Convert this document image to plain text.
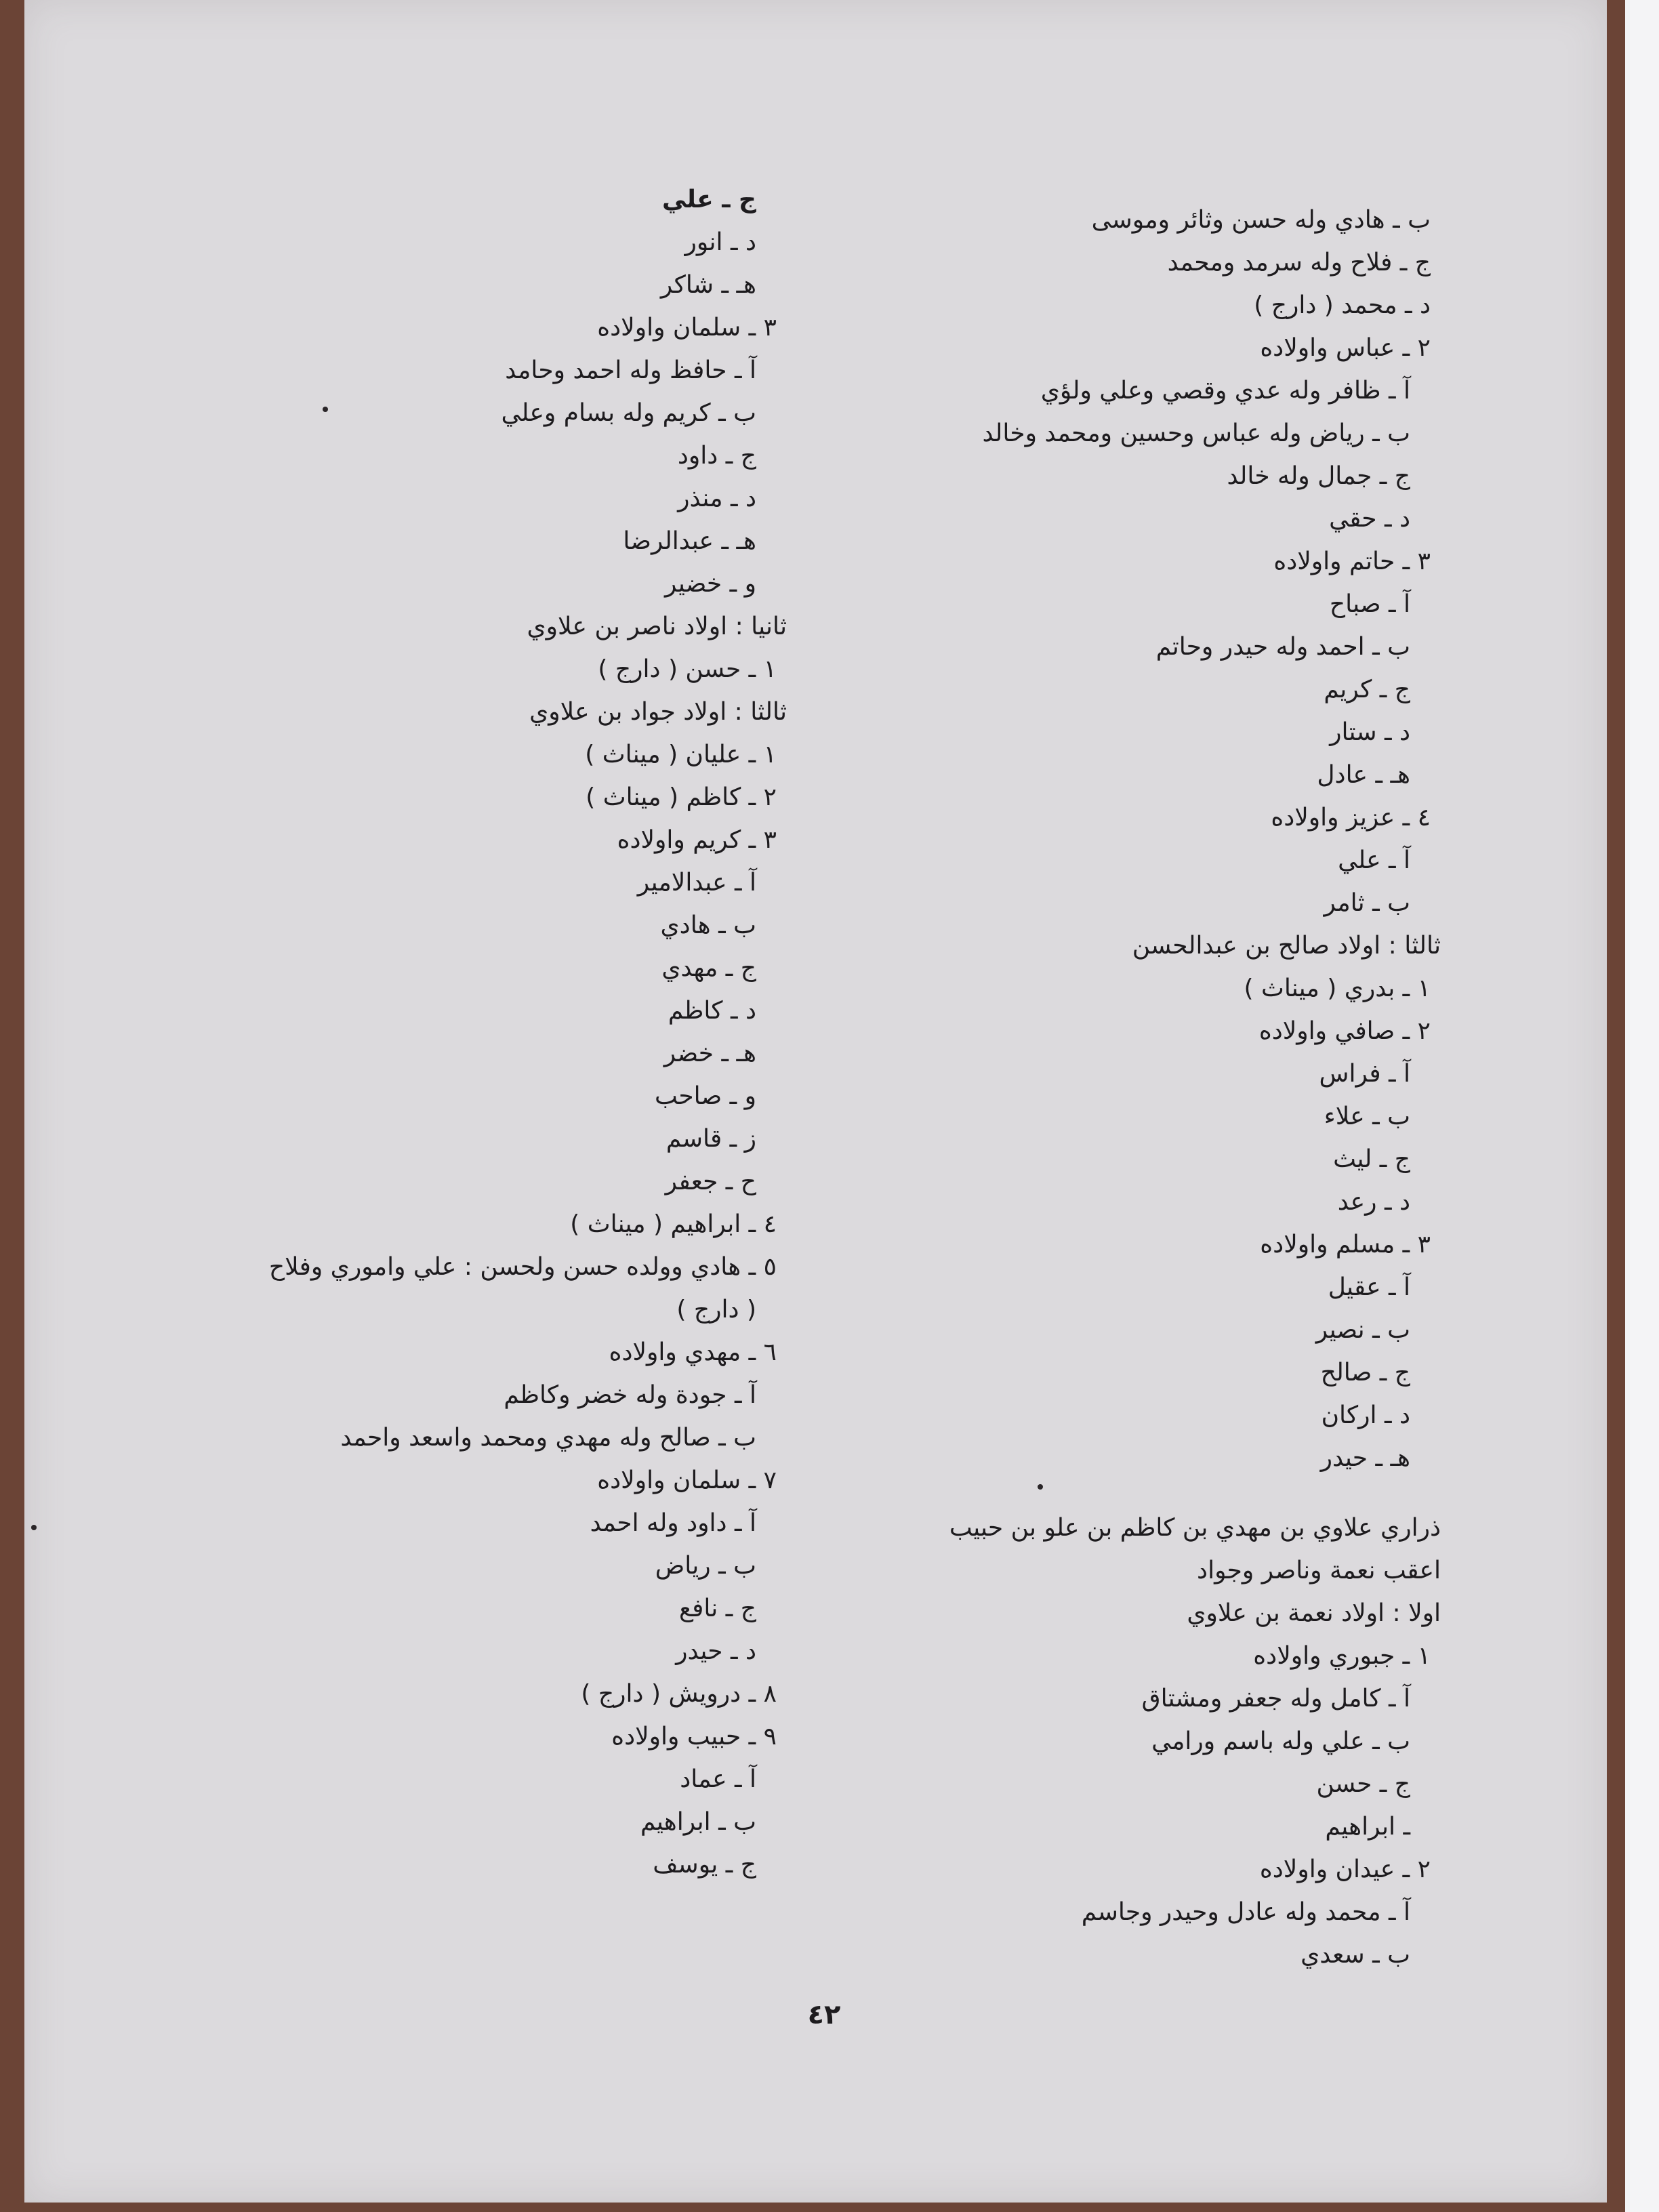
ب ـ هادي وله حسن وثائر وموسى
ج ـ فلاح وله سرمد ومحمد
د ـ محمد ( دارج )
٢ ـ عباس واولاده
آ ـ ظافر وله عدي وقصي وعلي ولؤي
ب ـ رياض وله عباس وحسين ومحمد وخالد
ج ـ جمال وله خالد
د ـ حقي
٣ ـ حاتم واولاده
آ ـ صباح
ب ـ احمد وله حيدر وحاتم
ج ـ كريم
د ـ ستار
هـ ـ عادل
٤ ـ عزيز واولاده
آ ـ علي
ب ـ ثامر
ثالثا : اولاد صالح بن عبدالحسن
١ ـ بدري ( ميناث )
٢ ـ صافي واولاده
آ ـ فراس
ب ـ علاء
ج ـ ليث
د ـ رعد
٣ ـ مسلم واولاده
آ ـ عقيل
ب ـ نصير
ج ـ صالح
د ـ اركان
هـ ـ حيدر
ذراري علاوي بن مهدي بن كاظم بن علو بن حبيب
اعقب نعمة وناصر وجواد
اولا : اولاد نعمة بن علاوي
١ ـ جبوري واولاده
آ ـ كامل وله جعفر ومشتاق
ب ـ علي وله باسم ورامي
ج ـ حسن
ـ ابراهيم
٢ ـ عيدان واولاده
آ ـ محمد وله عادل وحيدر وجاسم
ب ـ سعدي
ج ـ علي
د ـ انور
هـ ـ شاكر
٣ ـ سلمان واولاده
آ ـ حافظ وله احمد وحامد
ب ـ كريم وله بسام وعلي
ج ـ داود
د ـ منذر
هـ ـ عبدالرضا
و ـ خضير
ثانيا : اولاد ناصر بن علاوي
١ ـ حسن ( دارج )
ثالثا : اولاد جواد بن علاوي
١ ـ عليان ( ميناث )
٢ ـ كاظم ( ميناث )
٣ ـ كريم واولاده
آ ـ عبدالامير
ب ـ هادي
ج ـ مهدي
د ـ كاظم
هـ ـ خضر
و ـ صاحب
ز ـ قاسم
ح ـ جعفر
٤ ـ ابراهيم ( ميناث )
٥ ـ هادي وولده حسن ولحسن : علي واموري وفلاح
( دارج )
٦ ـ مهدي واولاده
آ ـ جودة وله خضر وكاظم
ب ـ صالح وله مهدي ومحمد واسعد واحمد
٧ ـ سلمان واولاده
آ ـ داود وله احمد
ب ـ رياض
ج ـ نافع
د ـ حيدر
٨ ـ درويش ( دارج )
٩ ـ حبيب واولاده
آ ـ عماد
ب ـ ابراهيم
ج ـ يوسف
٤٢
